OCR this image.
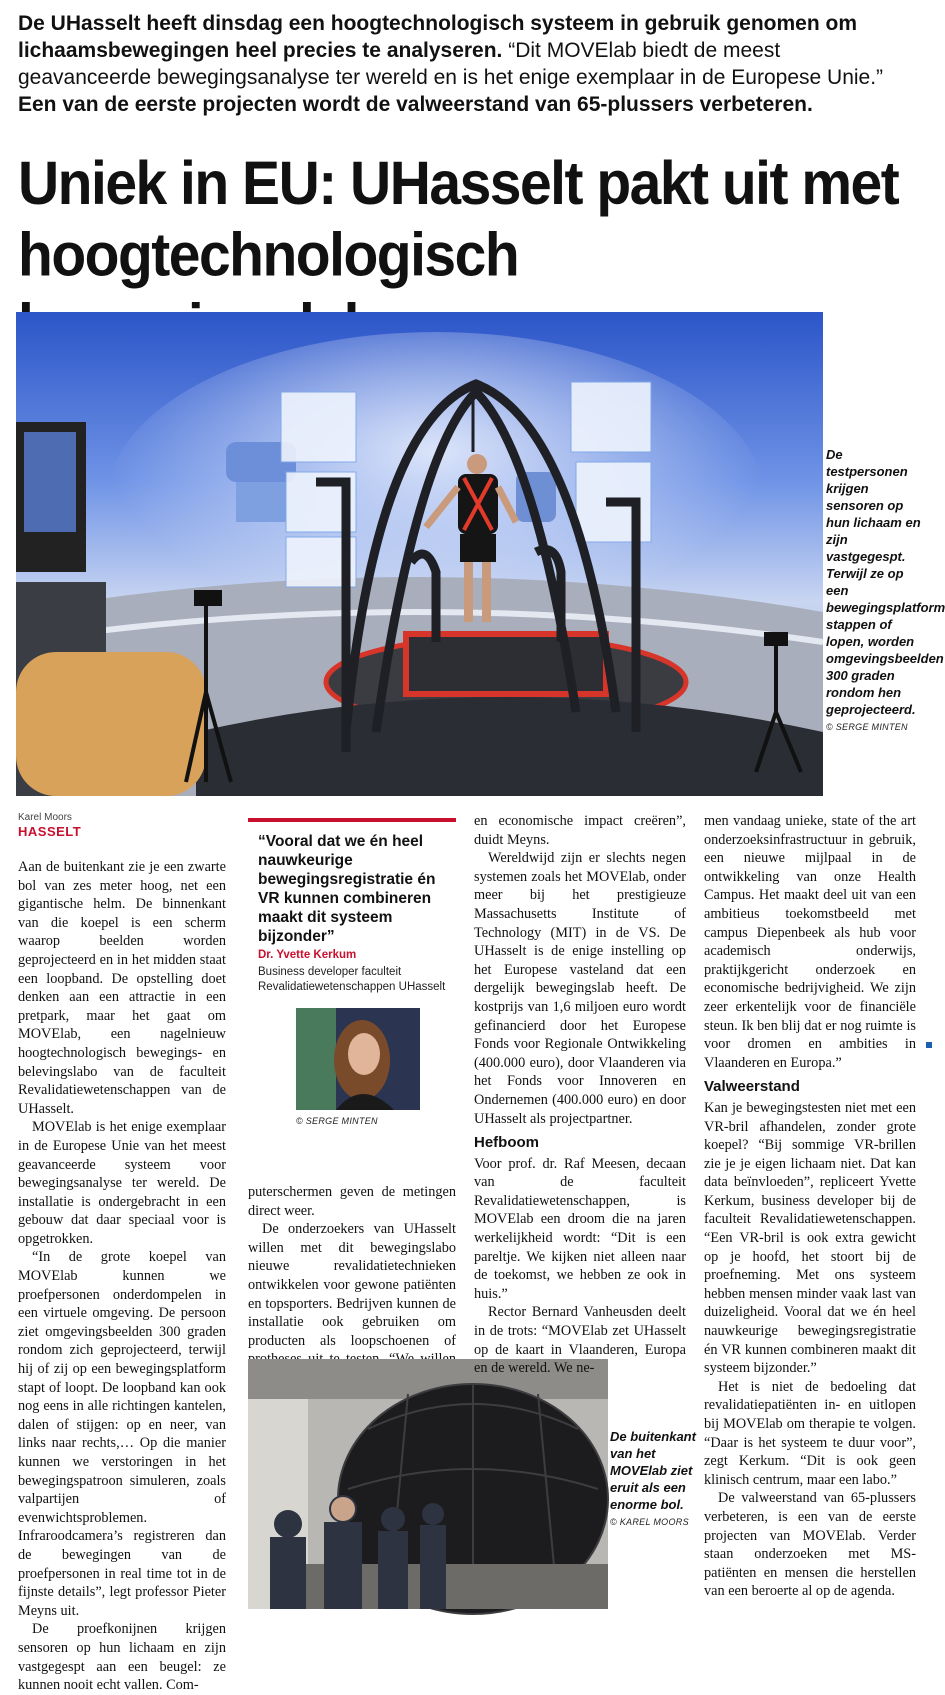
De UHasselt heeft dinsdag een hoogtechnologisch systeem in gebruik genomen om lichaamsbewegingen heel precies te analyseren. “Dit MOVElab biedt de meest geavanceerde bewegingsanalyse ter wereld en is het enige exemplaar in de Europese Unie.” Een van de eerste projecten wordt de valweerstand van 65-plussers verbeteren.

Uniek in EU: UHasselt pakt uit met hoogtechnologisch

De testpersonen krijgen sensoren op hun lichaam en zijn vastgegespt. Terwijl ze op een bewegingsplatform stappen of lopen, worden omgevingsbeelden 300 graden rondom hen geprojecteerd.

© SERGE MINTEN
Karel Moors
HASSELT

Aan de buitenkant zie je een zwarte bol van zes meter hoog, net een gigantische helm. De binnenkant van die koepel is een scherm waarop beelden worden geprojecteerd en in het midden staat een loopband. De opstelling doet denken aan een attractie in een pretpark, maar het gaat om MOVElab, een nagelnieuw hoogtechnologisch bewegings- en belevingslabo van de faculteit Revalidatiewetenschappen van de UHasselt.

MOVElab is het enige exemplaar in de Europese Unie van het meest geavanceerde systeem voor bewegingsanalyse ter wereld. De installatie is ondergebracht in een gebouw dat daar speciaal voor is opgetrokken.

“In de grote koepel van MOVElab kunnen we proefpersonen onderdompelen in een virtuele omgeving. De persoon ziet omgevingsbeelden 300 graden rondom zich geprojecteerd, terwijl hij of zij op een bewegingsplatform stapt of loopt. De loopband kan ook nog eens in alle richtingen kantelen, dalen of stijgen: op en neer, van links naar rechts,… Op die manier kunnen we verstoringen in het bewegingspatroon simuleren, zoals valpartijen of evenwichtsproblemen. Infraroodcamera’s registreren dan de bewegingen van de proefpersonen in real time tot in de fijnste details”, legt professor Pieter Meyns uit.

De proefkonijnen krijgen sensoren op hun lichaam en zijn vastgegespt aan een beugel: ze kunnen nooit echt vallen. Com-

“Vooral dat we én heel nauwkeurige bewegingsregistratie én VR kunnen combineren maakt dit systeem bijzonder”
Dr. Yvette Kerkum
Business developer faculteit Revalidatiewetenschappen UHasselt
© SERGE MINTEN

puterschermen geven de metingen direct weer.

De onderzoekers van UHasselt willen met dit bewegingslabo nieuwe revalidatietechnieken ontwikkelen voor gewone patiënten en topsporters. Bedrijven kunnen de installatie ook gebruiken om producten als loopschoenen of

De buitenkant van het MOVElab ziet eruit als een enorme bol.

© KAREL MOORS

en economische impact creëren”, duidt Meyns.

Wereldwijd zijn er slechts negen systemen zoals het MOVElab, onder meer bij het prestigieuze Massachusetts Institute of Technology (MIT) in de VS. De UHasselt is de enige instelling op het Europese vasteland dat een dergelijk bewegingslab heeft. De kostprijs van 1,6 miljoen euro wordt gefinancierd door het Europese Fonds voor Regionale Ontwikkeling (400.000 euro), door Vlaanderen via het Fonds voor Innoveren en Ondernemen (400.000 euro) en door UHasselt als projectpartner.

Hefboom

Voor prof. dr. Raf Meesen, decaan van de faculteit Revalidatiewetenschappen, is MOVElab een droom die na jaren werkelijkheid wordt: “Dit is een pareltje. We kijken niet alleen naar de toekomst, we hebben ze ook in huis.”

Rector Bernard Vanheusden deelt in de trots: “MOVElab zet UHasselt op de kaart in Vlaanderen, Europa en de wereld. We ne-

men vandaag unieke, state of the art onderzoeksinfrastructuur in gebruik, een nieuwe mijlpaal in de ontwikkeling van onze Health Campus. Het maakt deel uit van een ambitieus toekomstbeeld met campus Diepenbeek als hub voor academisch onderwijs, praktijkgericht onderzoek en economische bedrijvigheid. We zijn zeer erkentelijk voor de financiële steun. Ik ben blij dat er nog ruimte is voor dromen en ambities in Vlaanderen en Europa.”

Valweerstand

Kan je bewegingstesten niet met een VR-bril afhandelen, zonder grote koepel? “Bij sommige VR-brillen zie je je eigen lichaam niet. Dat kan data beïnvloeden”, repliceert Yvette Kerkum, business developer bij de faculteit Revalidatiewetenschappen. “Een VR-bril is ook extra gewicht op je hoofd, het stoort bij de proefneming. Met ons systeem hebben mensen minder vaak last van duizeligheid. Vooral dat we én heel nauwkeurige bewegingsregistratie én VR kunnen combineren maakt dit systeem bijzonder.”

Het is niet de bedoeling dat revalidatiepatiënten in- en uitlopen bij MOVElab om therapie te volgen. “Daar is het systeem te duur voor”, zegt Kerkum. “Dit is ook geen klinisch centrum, maar een labo.”

De valweerstand van 65-plussers verbeteren, is een van de eerste projecten van MOVElab. Verder staan onderzoeken met MS-patiënten en mensen die herstellen van een beroerte al op de agenda.
